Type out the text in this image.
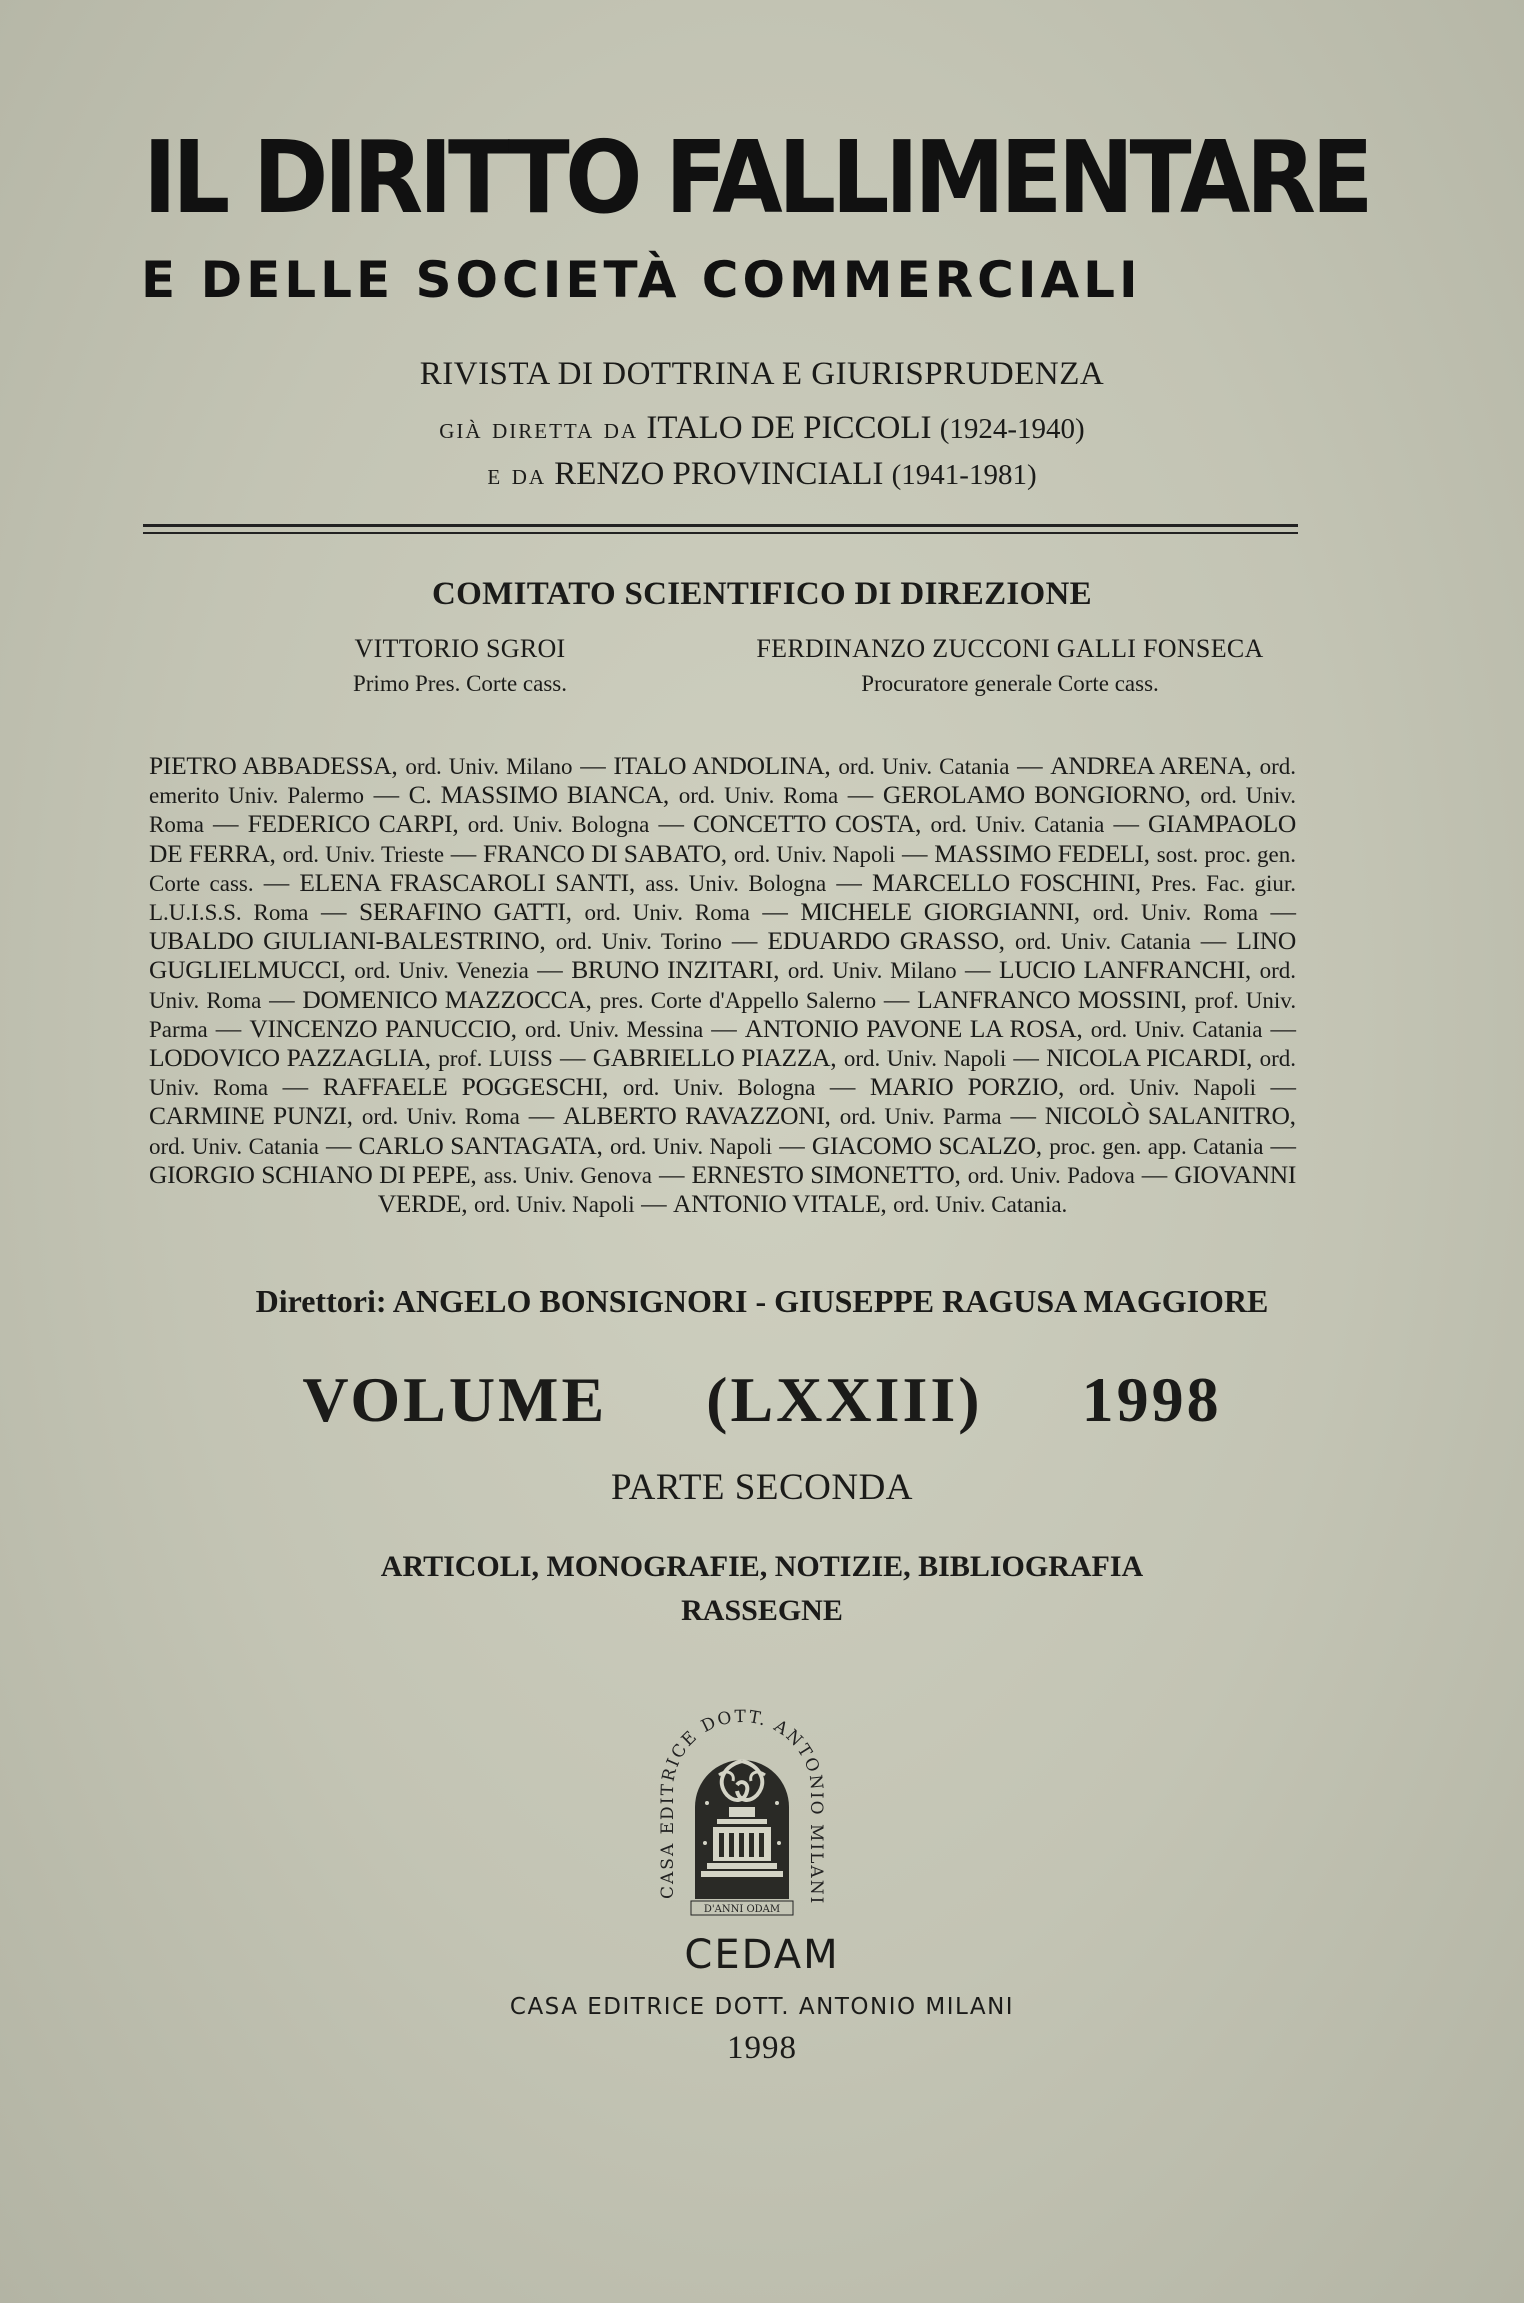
IL DIRITTO FALLIMENTARE
E DELLE SOCIETÀ COMMERCIALI
RIVISTA DI DOTTRINA E GIURISPRUDENZA
già diretta da ITALO DE PICCOLI (1924-1940)
e da RENZO PROVINCIALI (1941-1981)
COMITATO SCIENTIFICO DI DIREZIONE
VITTORIO SGROI
Primo Pres. Corte cass.
FERDINANZO ZUCCONI GALLI FONSECA
Procuratore generale Corte cass.
PIETRO ABBADESSA, ord. Univ. Milano — ITALO ANDOLINA, ord. Univ. Catania — ANDREA ARENA, ord. emerito Univ. Palermo — C. MASSIMO BIANCA, ord. Univ. Roma — GEROLAMO BONGIORNO, ord. Univ. Roma — FEDERICO CARPI, ord. Univ. Bologna — CONCETTO COSTA, ord. Univ. Catania — GIAMPAOLO DE FERRA, ord. Univ. Trieste — FRANCO DI SABATO, ord. Univ. Napoli — MASSIMO FEDELI, sost. proc. gen. Corte cass. — ELENA FRASCAROLI SANTI, ass. Univ. Bologna — MARCELLO FOSCHINI, Pres. Fac. giur. L.U.I.S.S. Roma — SERAFINO GATTI, ord. Univ. Roma — MICHELE GIORGIANNI, ord. Univ. Roma — UBALDO GIULIANI-BALESTRINO, ord. Univ. Torino — EDUARDO GRASSO, ord. Univ. Catania — LINO GUGLIELMUCCI, ord. Univ. Venezia — BRUNO INZITARI, ord. Univ. Milano — LUCIO LANFRANCHI, ord. Univ. Roma — DOMENICO MAZZOCCA, pres. Corte d'Appello Salerno — LANFRANCO MOSSINI, prof. Univ. Parma — VINCENZO PANUCCIO, ord. Univ. Messina — ANTONIO PAVONE LA ROSA, ord. Univ. Catania — LODOVICO PAZZAGLIA, prof. LUISS — GABRIELLO PIAZZA, ord. Univ. Napoli — NICOLA PICARDI, ord. Univ. Roma — RAFFAELE POGGESCHI, ord. Univ. Bologna — MARIO PORZIO, ord. Univ. Napoli — CARMINE PUNZI, ord. Univ. Roma — ALBERTO RAVAZZONI, ord. Univ. Parma — NICOLÒ SALANITRO, ord. Univ. Catania — CARLO SANTAGATA, ord. Univ. Napoli — GIACOMO SCALZO, proc. gen. app. Catania — GIORGIO SCHIANO DI PEPE, ass. Univ. Genova — ERNESTO SIMONETTO, ord. Univ. Padova — GIOVANNI VERDE, ord. Univ. Napoli — ANTONIO VITALE, ord. Univ. Catania.
Direttori: ANGELO BONSIGNORI - GIUSEPPE RAGUSA MAGGIORE
VOLUME (LXXIII) 1998
PARTE SECONDA
ARTICOLI, MONOGRAFIE, NOTIZIE, BIBLIOGRAFIA
RASSEGNE
CASA EDITRICE DOTT. ANTONIO MILANI
D'ANNI ODAM
CEDAM
CASA EDITRICE DOTT. ANTONIO MILANI
1998
